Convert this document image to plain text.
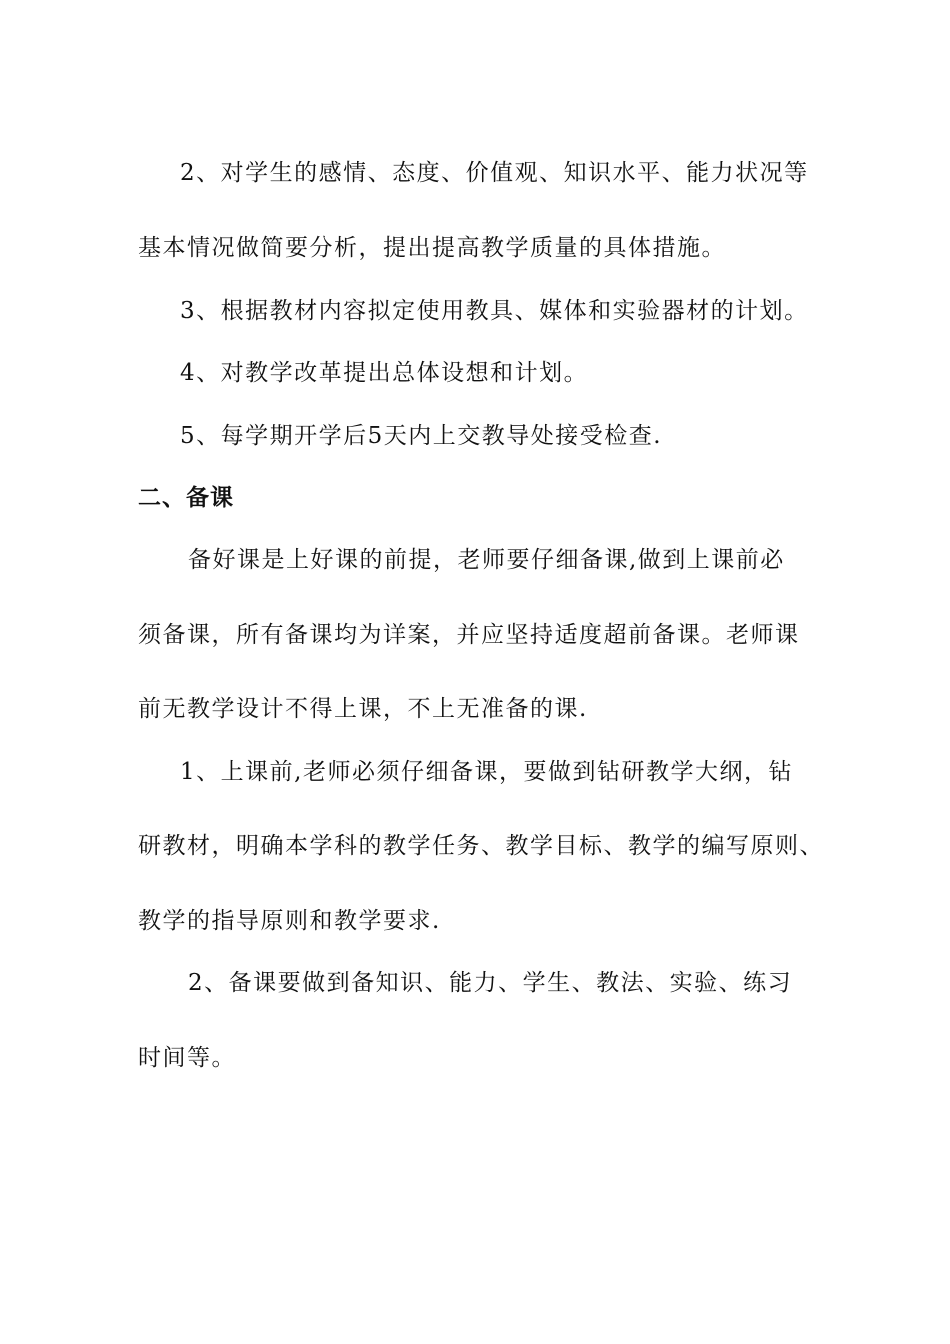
2、对学生的感情、态度、价值观、知识水平、能力状况等
基本情况做简要分析，提出提高教学质量的具体措施。
3、根据教材内容拟定使用教具、媒体和实验器材的计划。
4、对教学改革提出总体设想和计划。
5、每学期开学后5天内上交教导处接受检查.
二、备课
备好课是上好课的前提，老师要仔细备课,做到上课前必
须备课，所有备课均为详案，并应坚持适度超前备课。老师课
前无教学设计不得上课，不上无准备的课.
1、上课前,老师必须仔细备课，要做到钻研教学大纲，钻
研教材，明确本学科的教学任务、教学目标、教学的编写原则、
教学的指导原则和教学要求.
2、备课要做到备知识、能力、学生、教法、实验、练习
时间等。
